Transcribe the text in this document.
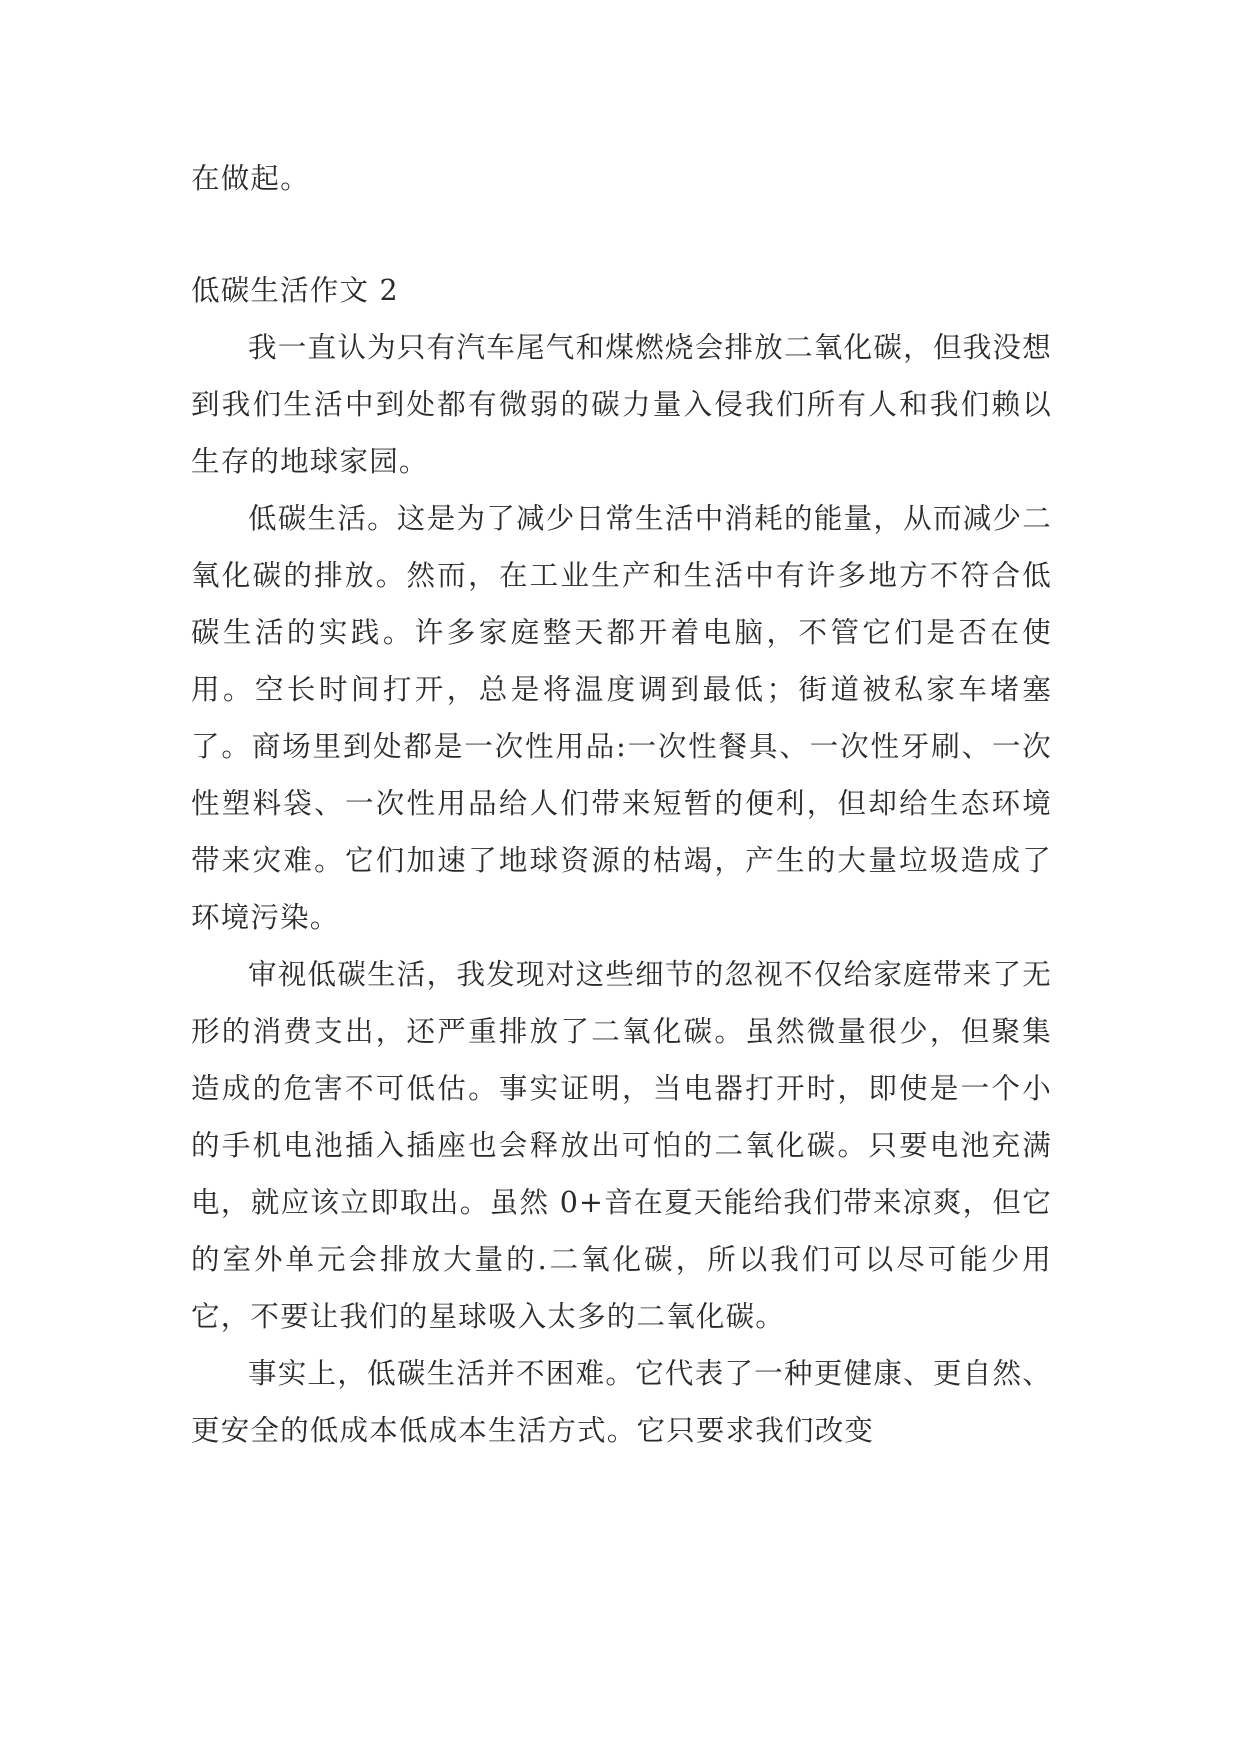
在做起。

低碳生活作文 2

我一直认为只有汽车尾气和煤燃烧会排放二氧化碳，但我没想到我们生活中到处都有微弱的碳力量入侵我们所有人和我们赖以生存的地球家园。

低碳生活。这是为了减少日常生活中消耗的能量，从而减少二氧化碳的排放。然而，在工业生产和生活中有许多地方不符合低碳生活的实践。许多家庭整天都开着电脑，不管它们是否在使用。空长时间打开，总是将温度调到最低；街道被私家车堵塞了。商场里到处都是一次性用品:一次性餐具、一次性牙刷、一次性塑料袋、一次性用品给人们带来短暂的便利，但却给生态环境带来灾难。它们加速了地球资源的枯竭，产生的大量垃圾造成了环境污染。

审视低碳生活，我发现对这些细节的忽视不仅给家庭带来了无形的消费支出，还严重排放了二氧化碳。虽然微量很少，但聚集造成的危害不可低估。事实证明，当电器打开时，即使是一个小的手机电池插入插座也会释放出可怕的二氧化碳。只要电池充满电，就应该立即取出。虽然 0+音在夏天能给我们带来凉爽，但它的室外单元会排放大量的.二氧化碳，所以我们可以尽可能少用它，不要让我们的星球吸入太多的二氧化碳。

事实上，低碳生活并不困难。它代表了一种更健康、更自然、更安全的低成本低成本生活方式。它只要求我们改变
